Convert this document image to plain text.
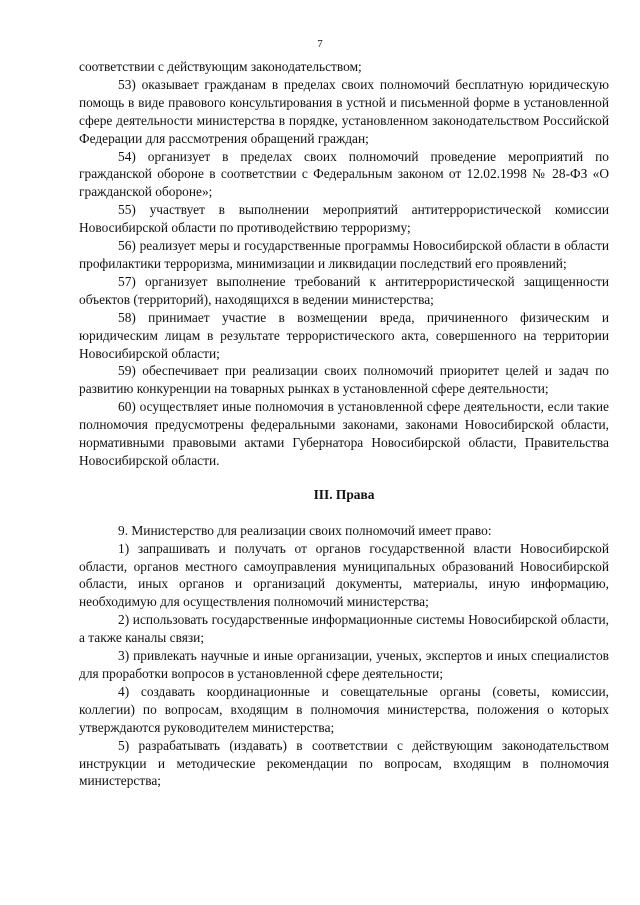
7

соответствии с действующим законодательством;

53) оказывает гражданам в пределах своих полномочий бесплатную юридическую помощь в виде правового консультирования в устной и письменной форме в установленной сфере деятельности министерства в порядке, установленном законодательством Российской Федерации для рассмотрения обращений граждан;

54) организует в пределах своих полномочий проведение мероприятий по гражданской обороне в соответствии с Федеральным законом от 12.02.1998 № 28-ФЗ «О гражданской обороне»;

55) участвует в выполнении мероприятий антитеррористической комиссии Новосибирской области по противодействию терроризму;

56) реализует меры и государственные программы Новосибирской области в области профилактики терроризма, минимизации и ликвидации последствий его проявлений;

57) организует выполнение требований к антитеррористической защищенности объектов (территорий), находящихся в ведении министерства;

58) принимает участие в возмещении вреда, причиненного физическим и юридическим лицам в результате террористического акта, совершенного на территории Новосибирской области;

59) обеспечивает при реализации своих полномочий приоритет целей и задач по развитию конкуренции на товарных рынках в установленной сфере деятельности;

60) осуществляет иные полномочия в установленной сфере деятельности, если такие полномочия предусмотрены федеральными законами, законами Новосибирской области, нормативными правовыми актами Губернатора Новосибирской области, Правительства Новосибирской области.

III. Права

9. Министерство для реализации своих полномочий имеет право:

1) запрашивать и получать от органов государственной власти Новосибирской области, органов местного самоуправления муниципальных образований Новосибирской области, иных органов и организаций документы, материалы, иную информацию, необходимую для осуществления полномочий министерства;

2) использовать государственные информационные системы Новосибирской области, а также каналы связи;

3) привлекать научные и иные организации, ученых, экспертов и иных специалистов для проработки вопросов в установленной сфере деятельности;

4) создавать координационные и совещательные органы (советы, комиссии, коллегии) по вопросам, входящим в полномочия министерства, положения о которых утверждаются руководителем министерства;

5) разрабатывать (издавать) в соответствии с действующим законодательством инструкции и методические рекомендации по вопросам, входящим в полномочия министерства;
